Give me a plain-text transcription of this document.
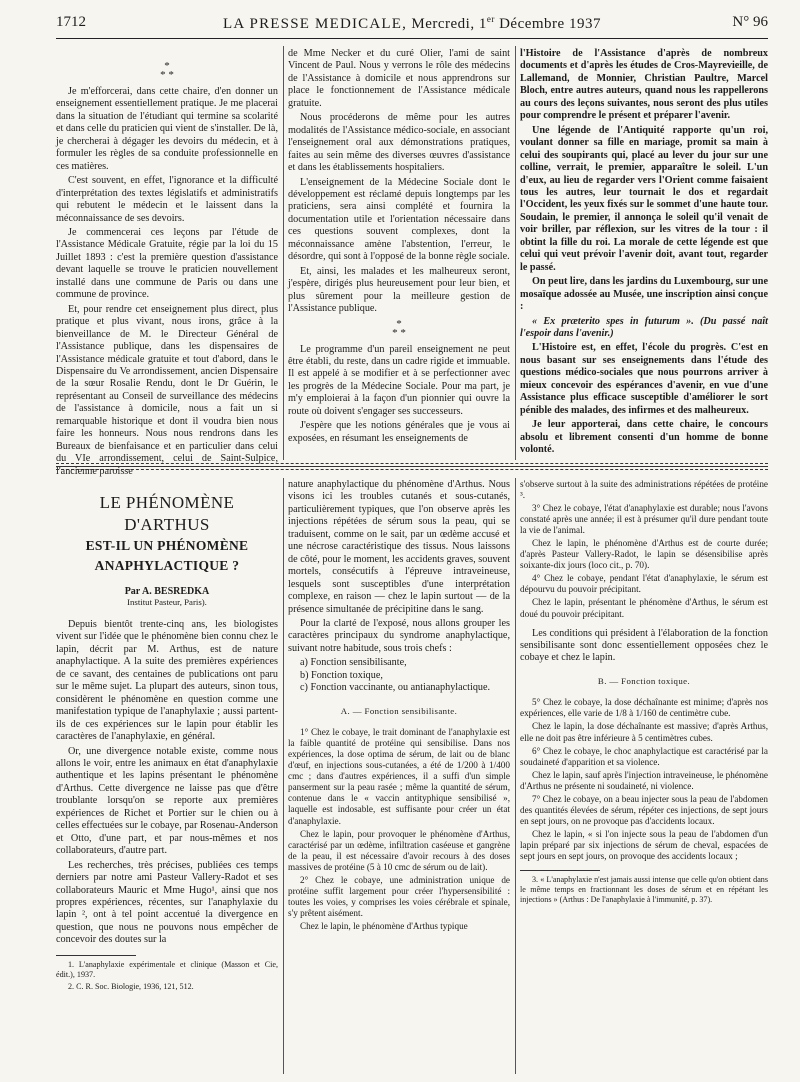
1712	LA PRESSE MEDICALE, Mercredi, 1er Décembre 1937	N° 96
*
* *

Je m'efforcerai, dans cette chaire, d'en donner un enseignement essentiellement pratique. Je me placerai dans la situation de l'étudiant qui termine sa scolarité et dans celle du praticien qui vient de s'installer. De là, je chercherai à dégager les devoirs du médecin, et à formuler les règles de sa conduite professionnelle en ces matières.

C'est souvent, en effet, l'ignorance et la difficulté d'interprétation des textes législatifs et administratifs qui rebutent le médecin et le laissent dans la méconnaissance de ses devoirs.

Je commencerai ces leçons par l'étude de l'Assistance Médicale Gratuite, régie par la loi du 15 Juillet 1893 : c'est la première question d'assistance devant laquelle se trouve le praticien nouvellement installé dans une commune de Paris ou dans une commune de province.

Et, pour rendre cet enseignement plus direct, plus pratique et plus vivant, nous irons, grâce à la bienveillance de M. le Directeur Général de l'Assistance publique, dans les dispensaires de l'Assistance médicale gratuite et tout d'abord, dans le Dispensaire du Ve arrondissement, ancien Dispensaire de la sœur Rosalie Rendu, dont le Dr Guérin, le représentant au Conseil de surveillance des médecins de l'assistance à domicile, nous a fait un si remarquable historique et dont il voudra bien nous faire les honneurs. Nous nous rendrons dans les Bureaux de bienfaisance et en particulier dans celui du VIe arrondissement, celui de Saint-Sulpice, l'ancienne paroisse

de Mme Necker et du curé Olier, l'ami de saint Vincent de Paul. Nous y verrons le rôle des médecins de l'Assistance à domicile et nous apprendrons sur place le fonctionnement de l'Assistance médicale gratuite.

Nous procéderons de même pour les autres modalités de l'Assistance médico-sociale, en associant l'enseignement oral aux démonstrations pratiques, faites au sein même des diverses œuvres d'assistance et dans les établissements hospitaliers.

L'enseignement de la Médecine Sociale dont le développement est réclamé depuis longtemps par les praticiens, sera ainsi complété et fournira la documentation utile et l'orientation nécessaire dans ces questions souvent complexes, dont la méconnaissance amène l'abstention, l'erreur, le désordre, qui sont à l'opposé de la bonne règle sociale.

Et, ainsi, les malades et les malheureux seront, j'espère, dirigés plus heureusement pour leur bien, et plus sûrement pour la meilleure gestion de l'Assistance publique.

*
* *

Le programme d'un pareil enseignement ne peut être établi, du reste, dans un cadre rigide et immuable. Il est appelé à se modifier et à se perfectionner avec les progrès de la Médecine Sociale. Pour ma part, je m'y emploierai à la façon d'un pionnier qui ouvre la route où doivent s'engager ses successeurs.

J'espère que les notions générales que je vous ai exposées, en résumant les enseignements de

l'Histoire de l'Assistance d'après de nombreux documents et d'après les études de Cros-Mayrevieille, de Lallemand, de Monnier, Christian Paultre, Marcel Bloch, entre autres auteurs, quand nous les rappellerons au cours des leçons suivantes, nous seront des plus utiles pour comprendre le présent et préparer l'avenir.

Une légende de l'Antiquité rapporte qu'un roi, voulant donner sa fille en mariage, promit sa main à celui des soupirants qui, placé au lever du jour sur une colline, verrait, le premier, apparaître le soleil. L'un d'eux, au lieu de regarder vers l'Orient comme faisaient tous les autres, leur tournait le dos et regardait l'Occident, les yeux fixés sur le sommet d'une haute tour. Soudain, le premier, il annonça le soleil qu'il venait de voir briller, par réflexion, sur les vitres de la tour : il obtint la fille du roi. La morale de cette légende est que celui qui veut prévoir l'avenir doit, avant tout, regarder le passé.

On peut lire, dans les jardins du Luxembourg, sur une mosaïque adossée au Musée, une inscription ainsi conçue :

« Ex præterito spes in futurum ». (Du passé naît l'espoir dans l'avenir.)

L'Histoire est, en effet, l'école du progrès. C'est en nous basant sur ses enseignements dans l'étude des questions médico-sociales que nous pourrons arriver à mieux concevoir des espérances d'avenir, en vue d'une Assistance plus efficace susceptible d'améliorer le sort pénible des malades, des infirmes et des malheureux.

Je leur apporterai, dans cette chaire, le concours absolu et librement consenti d'un homme de bonne volonté.

LE PHÉNOMÈNE D'ARTHUS
EST-IL UN PHÉNOMÈNE
ANAPHYLACTIQUE ?
Par A. BESREDKA
Institut Pasteur, Paris).

Depuis bientôt trente-cinq ans, les biologistes vivent sur l'idée que le phénomène bien connu chez le lapin, décrit par M. Arthus, est de nature anaphylactique. A la suite des premières expériences de ce savant, des centaines de publications ont paru sur le même sujet. La plupart des auteurs, sinon tous, considèrent le phénomène en question comme une manifestation typique de l'anaphylaxie ; aussi partent-ils de ces expériences sur le lapin pour établir les caractères de l'anaphylaxie, en général.

Or, une divergence notable existe, comme nous allons le voir, entre les animaux en état d'anaphylaxie authentique et les lapins présentant le phénomène d'Arthus. Cette divergence ne laisse pas que d'être troublante lorsqu'on se reporte aux premières expériences de Richet et Portier sur le chien ou à celles effectuées sur le cobaye, par Rosenau-Anderson et Otto, d'une part, et par nous-mêmes et nos collaborateurs, d'autre part.

Les recherches, très précises, publiées ces temps derniers par notre ami Pasteur Vallery-Radot et ses collaborateurs Mauric et Mme Hugo¹, ainsi que nos propres expériences, récentes, sur l'anaphylaxie du lapin ², ont à tel point accentué la divergence en question, que nous ne pouvons nous empêcher de concevoir des doutes sur la

1. L'anaphylaxie expérimentale et clinique (Masson et Cie, édit.), 1937.

2. C. R. Soc. Biologie, 1936, 121, 512.

nature anaphylactique du phénomène d'Arthus. Nous visons ici les troubles cutanés et sous-cutanés, particulièrement typiques, que l'on observe après les injections répétées de sérum sous la peau, qui se traduisent, comme on le sait, par un œdème accusé et une nécrose caractéristique des tissus. Nous laissons de côté, pour le moment, les accidents graves, souvent mortels, consécutifs à l'épreuve intraveineuse, lesquels sont susceptibles d'une interprétation complexe, en raison — chez le lapin surtout — de la présence simultanée de précipitine dans le sang.

Pour la clarté de l'exposé, nous allons grouper les caractères principaux du syndrome anaphylactique, suivant notre habitude, sous trois chefs :

a) Fonction sensibilisante,
b) Fonction toxique,
c) Fonction vaccinante, ou antianaphylactique.
A. — Fonction sensibilisante.

1° Chez le cobaye, le trait dominant de l'anaphylaxie est la faible quantité de protéine qui sensibilise. Dans nos expériences, la dose optima de sérum, de lait ou de blanc d'œuf, en injections sous-cutanées, a été de 1/200 à 1/400 cmc ; dans d'autres expériences, il a suffi d'un simple panserment sur la peau rasée ; même la quantité de sérum, contenue dans le « vaccin antityphique sensibilisé », laquelle est indosable, est suffisante pour créer un état d'anaphylaxie.

Chez le lapin, pour provoquer le phénomène d'Arthus, caractérisé par un œdème, infiltration caséeuse et gangrène de la peau, il est nécessaire d'avoir recours à des doses massives de protéine (5 à 10 cmc de sérum ou de lait).

2° Chez le cobaye, une administration unique de protéine suffit largement pour créer l'hypersensibilité : toutes les voies, y comprises les voies cérébrale et spinale, s'y prêtent aisément.

Chez le lapin, le phénomène d'Arthus typique

s'observe surtout à la suite des administrations répétées de protéine ³.

3° Chez le cobaye, l'état d'anaphylaxie est durable; nous l'avons constaté après une année; il est à présumer qu'il dure pendant toute la vie de l'animal.

Chez le lapin, le phénomène d'Arthus est de courte durée; d'après Pasteur Vallery-Radot, le lapin se désensibilise après soixante-dix jours (loco cit., p. 70).

4° Chez le cobaye, pendant l'état d'anaphylaxie, le sérum est dépourvu du pouvoir précipitant.

Chez le lapin, présentant le phénomène d'Arthus, le sérum est doué du pouvoir précipitant.

Les conditions qui président à l'élaboration de la fonction sensibilisante sont donc essentiellement opposées chez le cobaye et chez le lapin.

B. — Fonction toxique.

5° Chez le cobaye, la dose déchaînante est minime; d'après nos expériences, elle varie de 1/8 à 1/160 de centimètre cube.

Chez le lapin, la dose déchaînante est massive; d'après Arthus, elle ne doit pas être inférieure à 5 centimètres cubes.

6° Chez le cobaye, le choc anaphylactique est caractérisé par la soudaineté d'apparition et sa violence.

Chez le lapin, sauf après l'injection intraveineuse, le phénomène d'Arthus ne présente ni soudaineté, ni violence.

7° Chez le cobaye, on a beau injecter sous la peau de l'abdomen des quantités élevées de sérum, répéter ces injections, de sept jours en sept jours, on ne provoque pas d'accidents locaux.

Chez le lapin, « si l'on injecte sous la peau de l'abdomen d'un lapin préparé par six injections de sérum de cheval, espacées de sept jours en sept jours, on provoque des accidents locaux ;

3. « L'anaphylaxie n'est jamais aussi intense que celle qu'on obtient dans le même temps en fractionnant les doses de sérum et en répétant les injections » (Arthus : De l'anaphylaxie à l'immunité, p. 37).
